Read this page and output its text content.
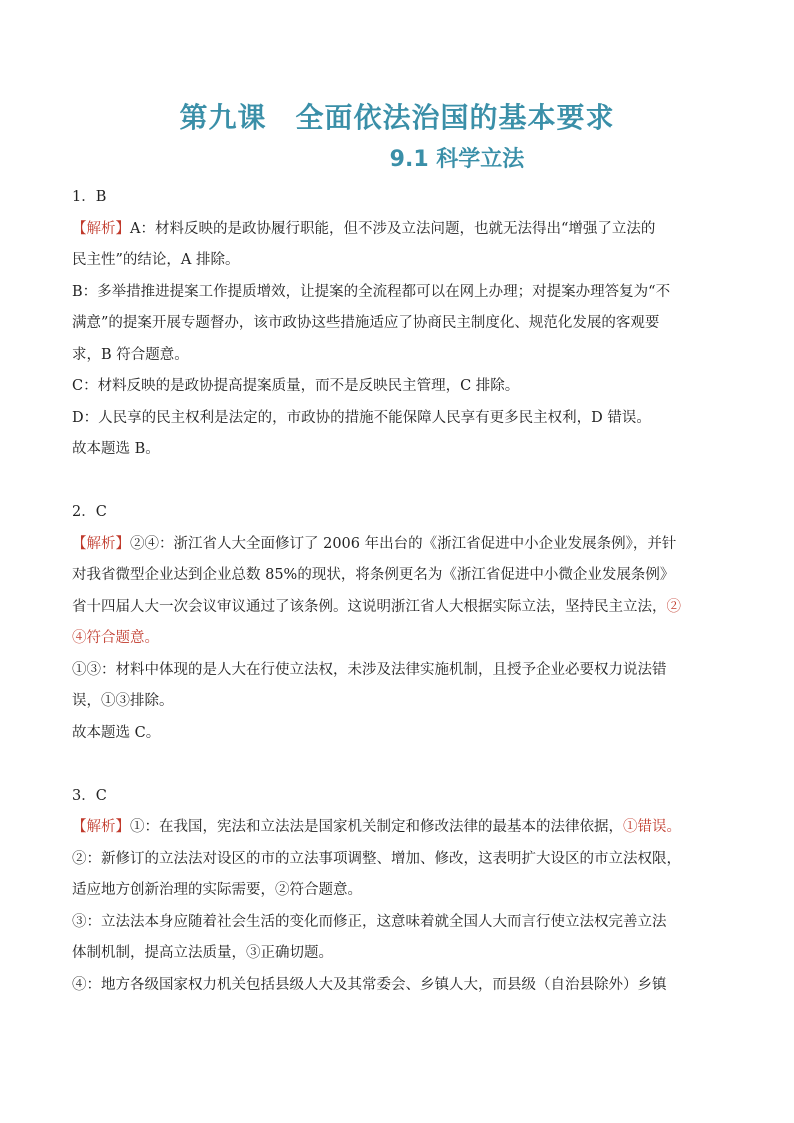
第九课　全面依法治国的基本要求
9.1 科学立法
1．B
【解析】A：材料反映的是政协履行职能，但不涉及立法问题，也就无法得出“增强了立法的
民主性”的结论，A 排除。
B：多举措推进提案工作提质增效，让提案的全流程都可以在网上办理；对提案办理答复为“不
满意”的提案开展专题督办，该市政协这些措施适应了协商民主制度化、规范化发展的客观要
求，B 符合题意。
C：材料反映的是政协提高提案质量，而不是反映民主管理，C 排除。
D：人民享的民主权利是法定的，市政协的措施不能保障人民享有更多民主权利，D 错误。
故本题选 B。
2．C
【解析】②④：浙江省人大全面修订了 2006 年出台的《浙江省促进中小企业发展条例》，并针
对我省微型企业达到企业总数 85%的现状，将条例更名为《浙江省促进中小微企业发展条例》
省十四届人大一次会议审议通过了该条例。这说明浙江省人大根据实际立法，坚持民主立法，②
④符合题意。
①③：材料中体现的是人大在行使立法权，未涉及法律实施机制，且授予企业必要权力说法错
误，①③排除。
故本题选 C。
3．C
【解析】①：在我国，宪法和立法法是国家机关制定和修改法律的最基本的法律依据，①错误。
②：新修订的立法法对设区的市的立法事项调整、增加、修改，这表明扩大设区的市立法权限，
适应地方创新治理的实际需要，②符合题意。
③：立法法本身应随着社会生活的变化而修正，这意味着就全国人大而言行使立法权完善立法
体制机制，提高立法质量，③正确切题。
④：地方各级国家权力机关包括县级人大及其常委会、乡镇人大，而县级（自治县除外）乡镇
